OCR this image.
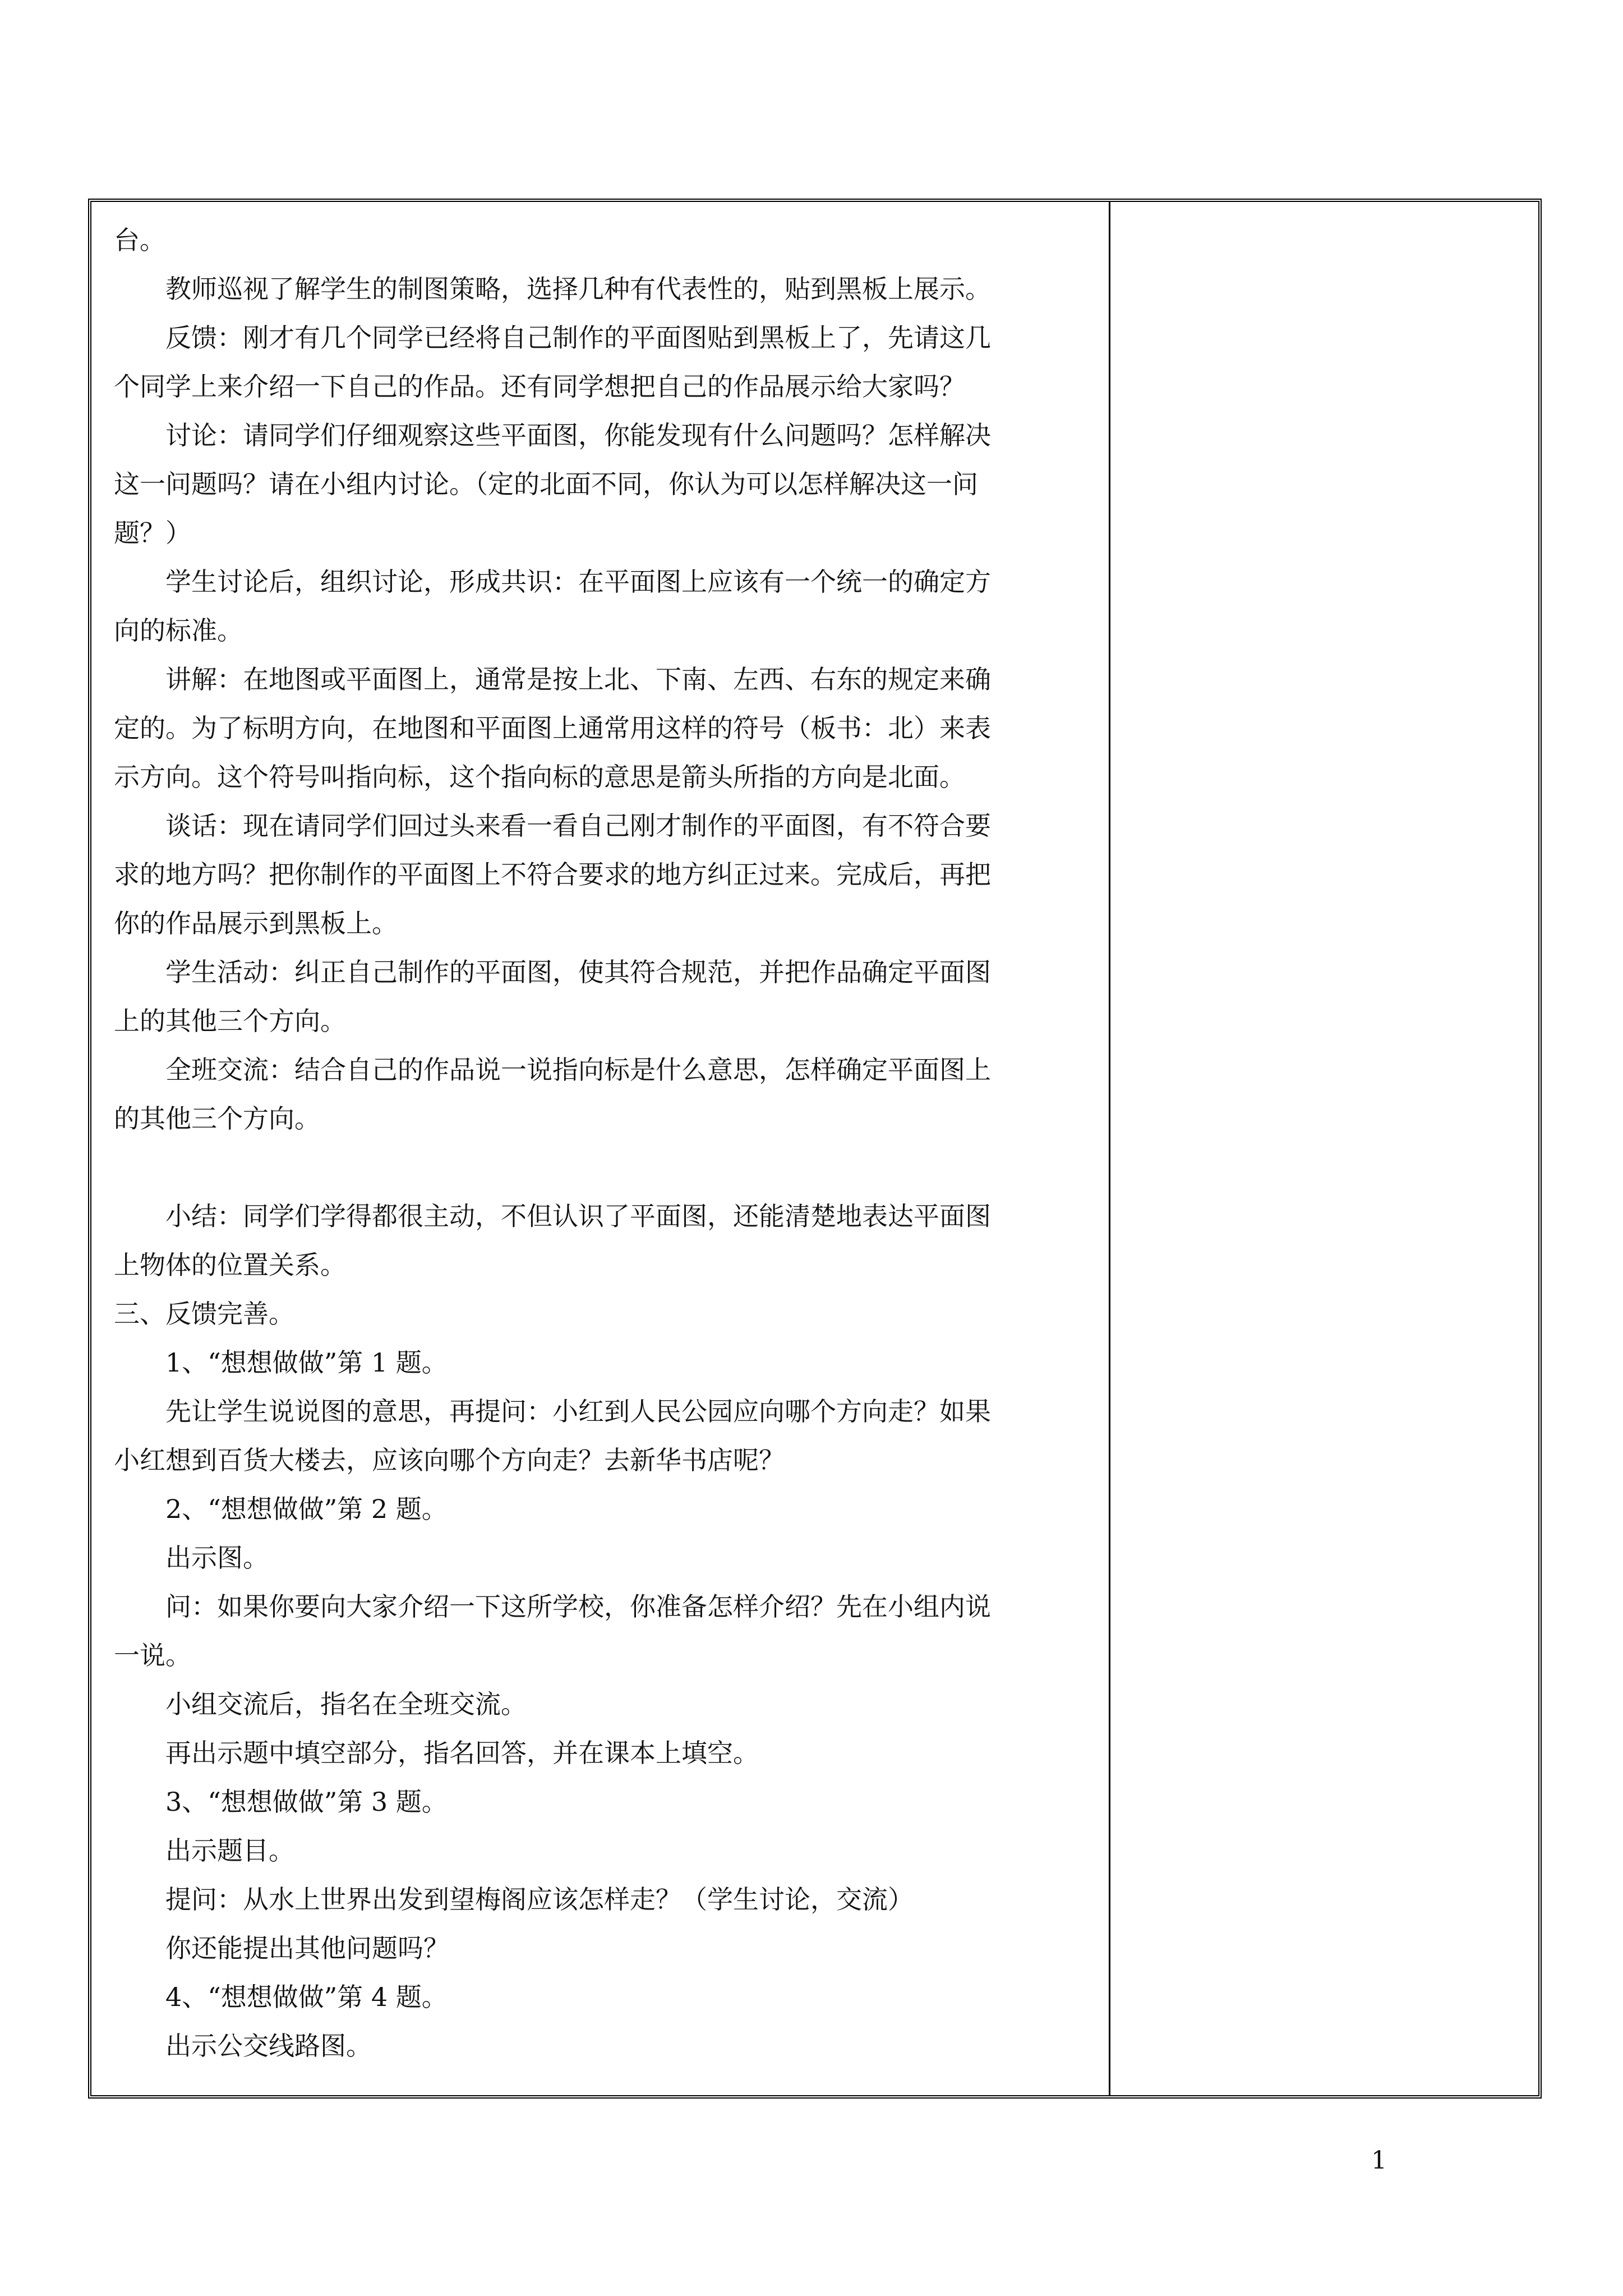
台。
教师巡视了解学生的制图策略，选择几种有代表性的，贴到黑板上展示。
反馈：刚才有几个同学已经将自己制作的平面图贴到黑板上了，先请这几
个同学上来介绍一下自己的作品。还有同学想把自己的作品展示给大家吗？
讨论：请同学们仔细观察这些平面图，你能发现有什么问题吗？怎样解决
这一问题吗？请在小组内讨论。（定的北面不同，你认为可以怎样解决这一问
题？）
学生讨论后，组织讨论，形成共识：在平面图上应该有一个统一的确定方
向的标准。
讲解：在地图或平面图上，通常是按上北、下南、左西、右东的规定来确
定的。为了标明方向，在地图和平面图上通常用这样的符号（板书：北）来表
示方向。这个符号叫指向标，这个指向标的意思是箭头所指的方向是北面。
谈话：现在请同学们回过头来看一看自己刚才制作的平面图，有不符合要
求的地方吗？把你制作的平面图上不符合要求的地方纠正过来。完成后，再把
你的作品展示到黑板上。
学生活动：纠正自己制作的平面图，使其符合规范，并把作品确定平面图
上的其他三个方向。
全班交流：结合自己的作品说一说指向标是什么意思，怎样确定平面图上
的其他三个方向。
小结：同学们学得都很主动，不但认识了平面图，还能清楚地表达平面图
上物体的位置关系。
三、反馈完善。
1、“想想做做”第 1 题。
先让学生说说图的意思，再提问：小红到人民公园应向哪个方向走？如果
小红想到百货大楼去，应该向哪个方向走？去新华书店呢？
2、“想想做做”第 2 题。
出示图。
问：如果你要向大家介绍一下这所学校，你准备怎样介绍？先在小组内说
一说。
小组交流后，指名在全班交流。
再出示题中填空部分，指名回答，并在课本上填空。
3、“想想做做”第 3 题。
出示题目。
提问：从水上世界出发到望梅阁应该怎样走？（学生讨论，交流）
你还能提出其他问题吗？
4、“想想做做”第 4 题。
出示公交线路图。
1
